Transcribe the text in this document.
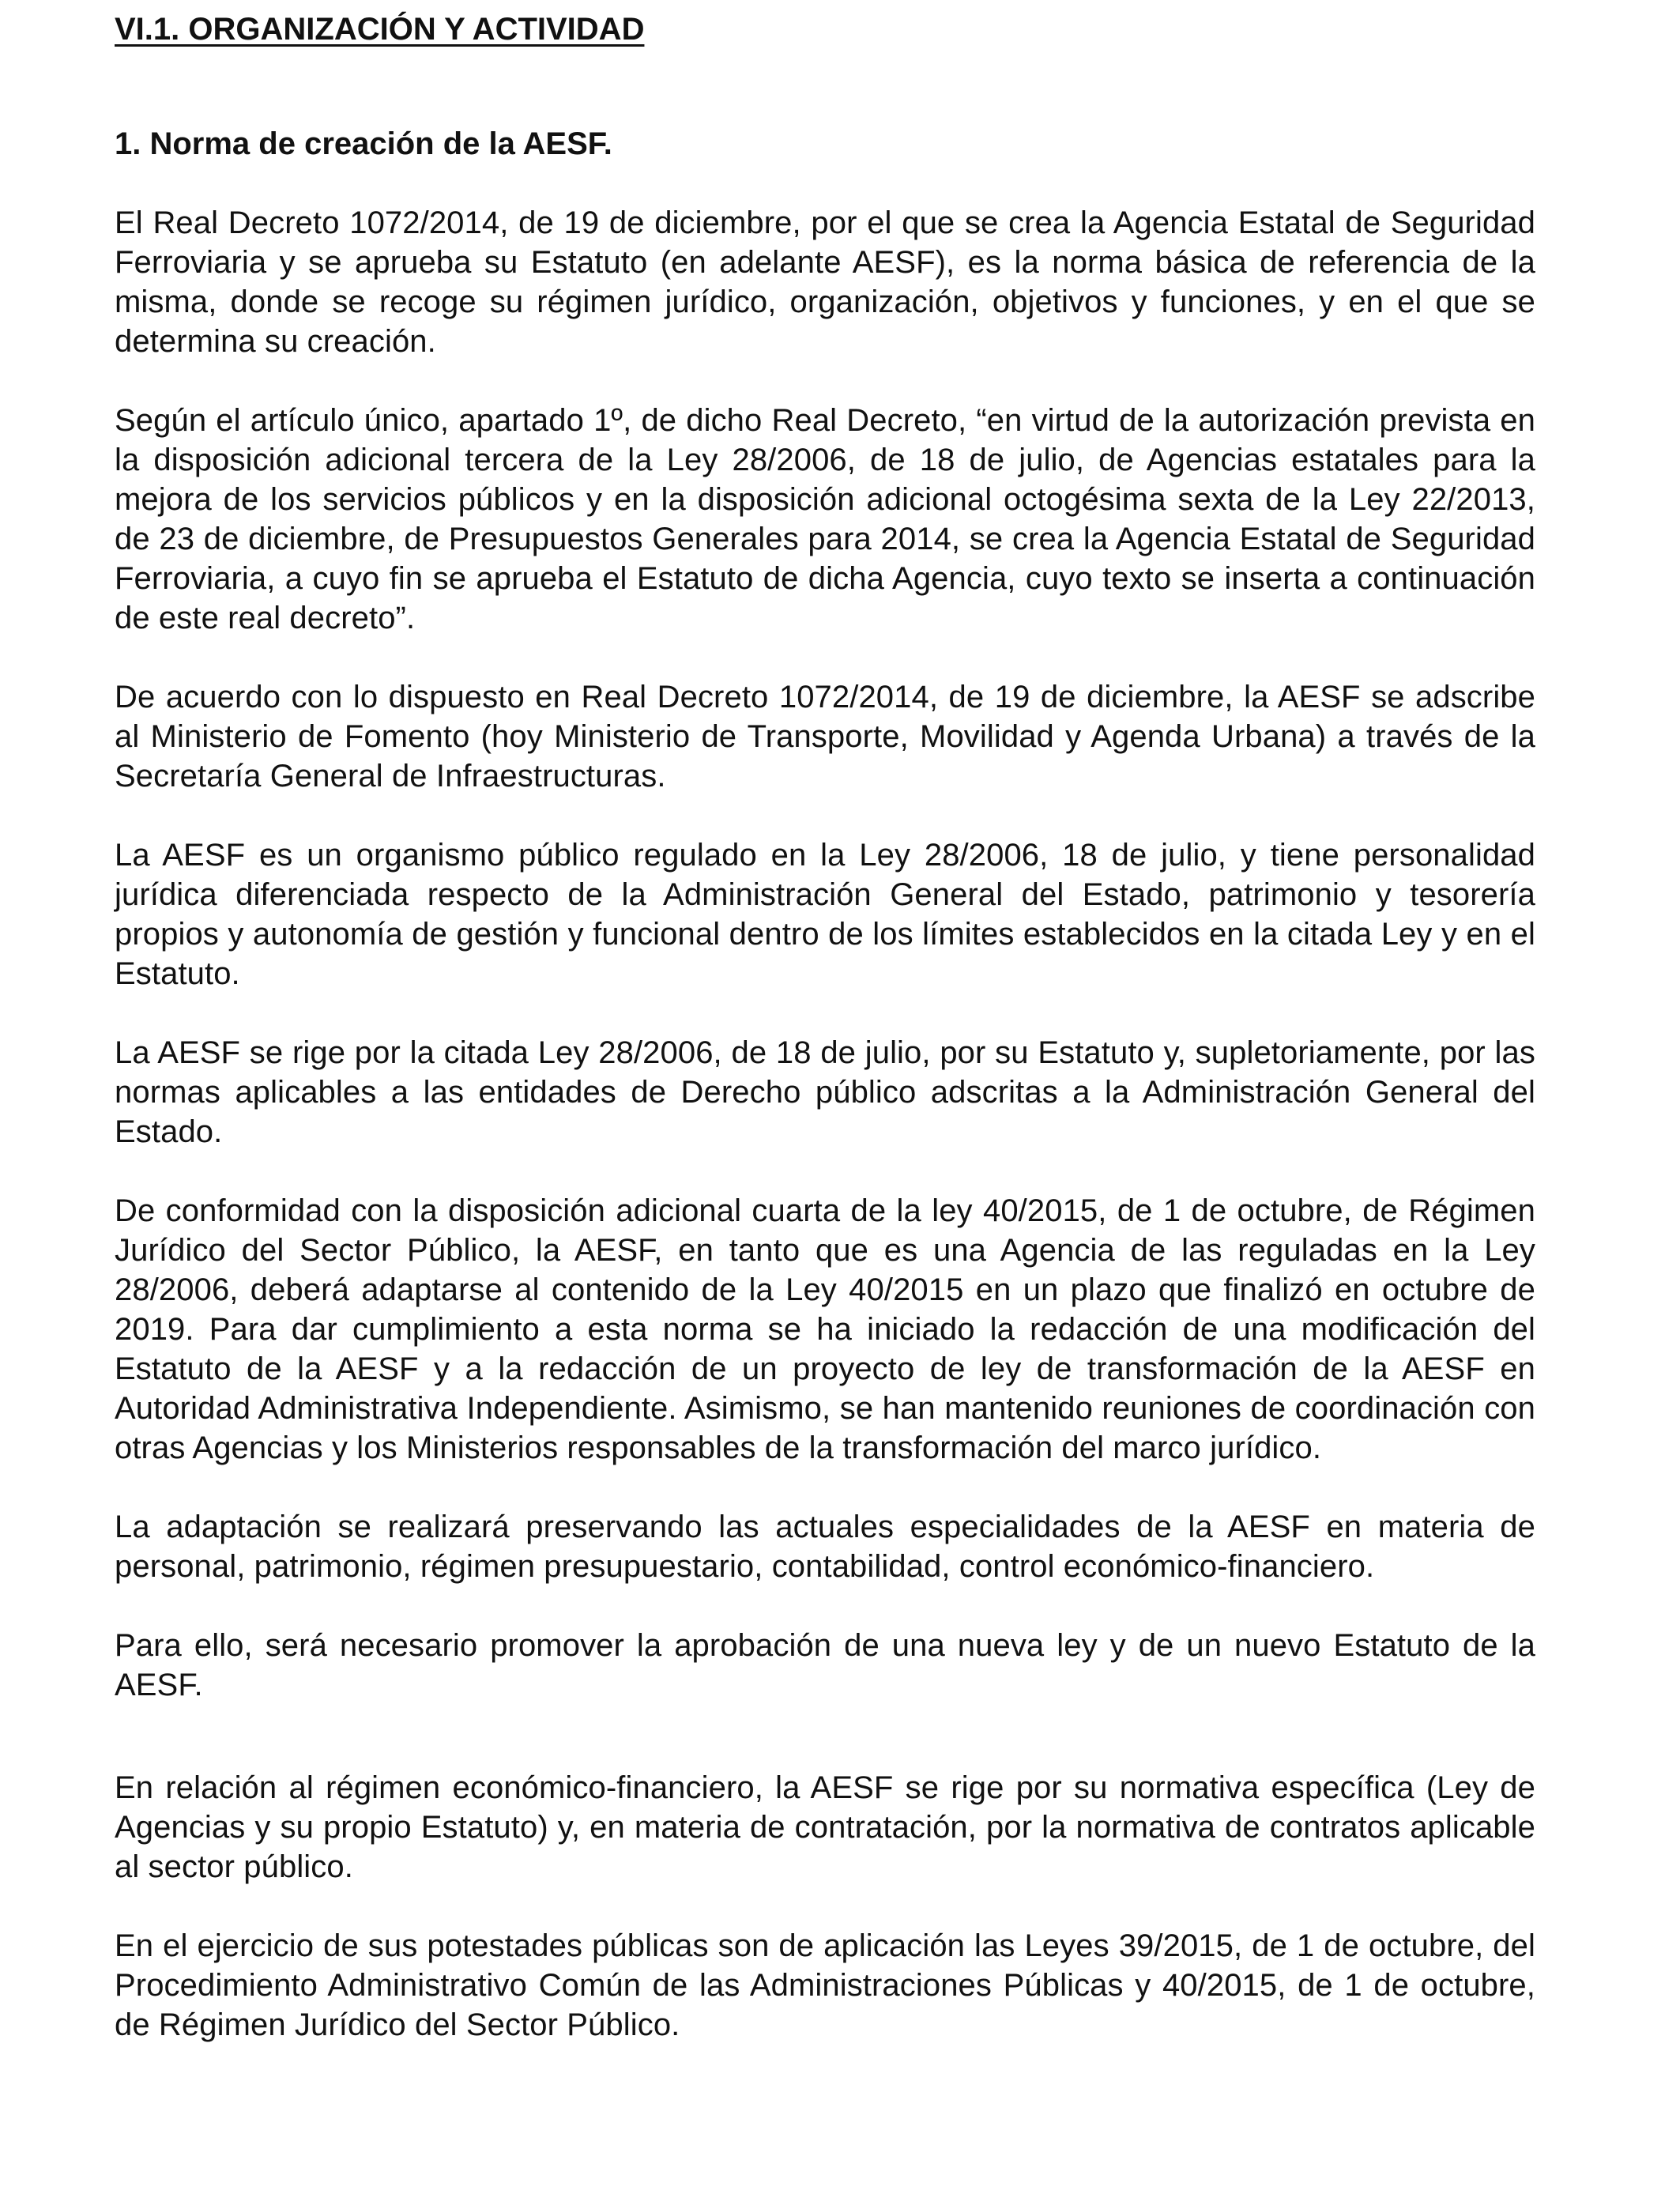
VI.1. ORGANIZACIÓN Y ACTIVIDAD
1. Norma de creación de la AESF.

El Real Decreto 1072/2014, de 19 de diciembre, por el que se crea la Agencia Estatal de Seguridad Ferroviaria y se aprueba su Estatuto (en adelante AESF), es la norma básica de referencia de la misma, donde se recoge su régimen jurídico, organización, objetivos y funciones, y en el que se determina su creación.

Según el artículo único, apartado 1º, de dicho Real Decreto, “en virtud de la autorización prevista en la disposición adicional tercera de la Ley 28/2006, de 18 de julio, de Agencias estatales para la mejora de los servicios públicos y en la disposición adicional octogésima sexta de la Ley 22/2013, de 23 de diciembre, de Presupuestos Generales para 2014, se crea la Agencia Estatal de Seguridad Ferroviaria, a cuyo fin se aprueba el Estatuto de dicha Agencia, cuyo texto se inserta a continuación de este real decreto”.

De acuerdo con lo dispuesto en Real Decreto 1072/2014, de 19 de diciembre, la AESF se adscribe al Ministerio de Fomento (hoy Ministerio de Transporte, Movilidad y Agenda Urbana) a través de la Secretaría General de Infraestructuras.

La AESF es un organismo público regulado en la Ley 28/2006, 18 de julio, y tiene personalidad jurídica diferenciada respecto de la Administración General del Estado, patrimonio y tesorería propios y autonomía de gestión y funcional dentro de los límites establecidos en la citada Ley y en el Estatuto.

La AESF se rige por la citada Ley 28/2006, de 18 de julio, por su Estatuto y, supletoriamente, por las normas aplicables a las entidades de Derecho público adscritas a la Administración General del Estado.

De conformidad con la disposición adicional cuarta de la ley 40/2015, de 1 de octubre, de Régimen Jurídico del Sector Público, la AESF, en tanto que es una Agencia de las reguladas en la Ley 28/2006, deberá adaptarse al contenido de la Ley 40/2015 en un plazo que finalizó en octubre de 2019. Para dar cumplimiento a esta norma se ha iniciado la redacción de una modificación del Estatuto de la AESF y a la redacción de un proyecto de ley de transformación de la AESF en Autoridad Administrativa Independiente. Asimismo, se han mantenido reuniones de coordinación con otras Agencias y los Ministerios responsables de la transformación del marco jurídico.

La adaptación se realizará preservando las actuales especialidades de la AESF en materia de personal, patrimonio, régimen presupuestario, contabilidad, control económico-financiero.

Para ello, será necesario promover la aprobación de una nueva ley y de un nuevo Estatuto de la AESF.

En relación al régimen económico-financiero, la AESF se rige por su normativa específica (Ley de Agencias y su propio Estatuto) y, en materia de contratación, por la normativa de contratos aplicable al sector público.

En el ejercicio de sus potestades públicas son de aplicación las Leyes 39/2015, de 1 de octubre, del Procedimiento Administrativo Común de las Administraciones Públicas y 40/2015, de 1 de octubre, de Régimen Jurídico del Sector Público.
